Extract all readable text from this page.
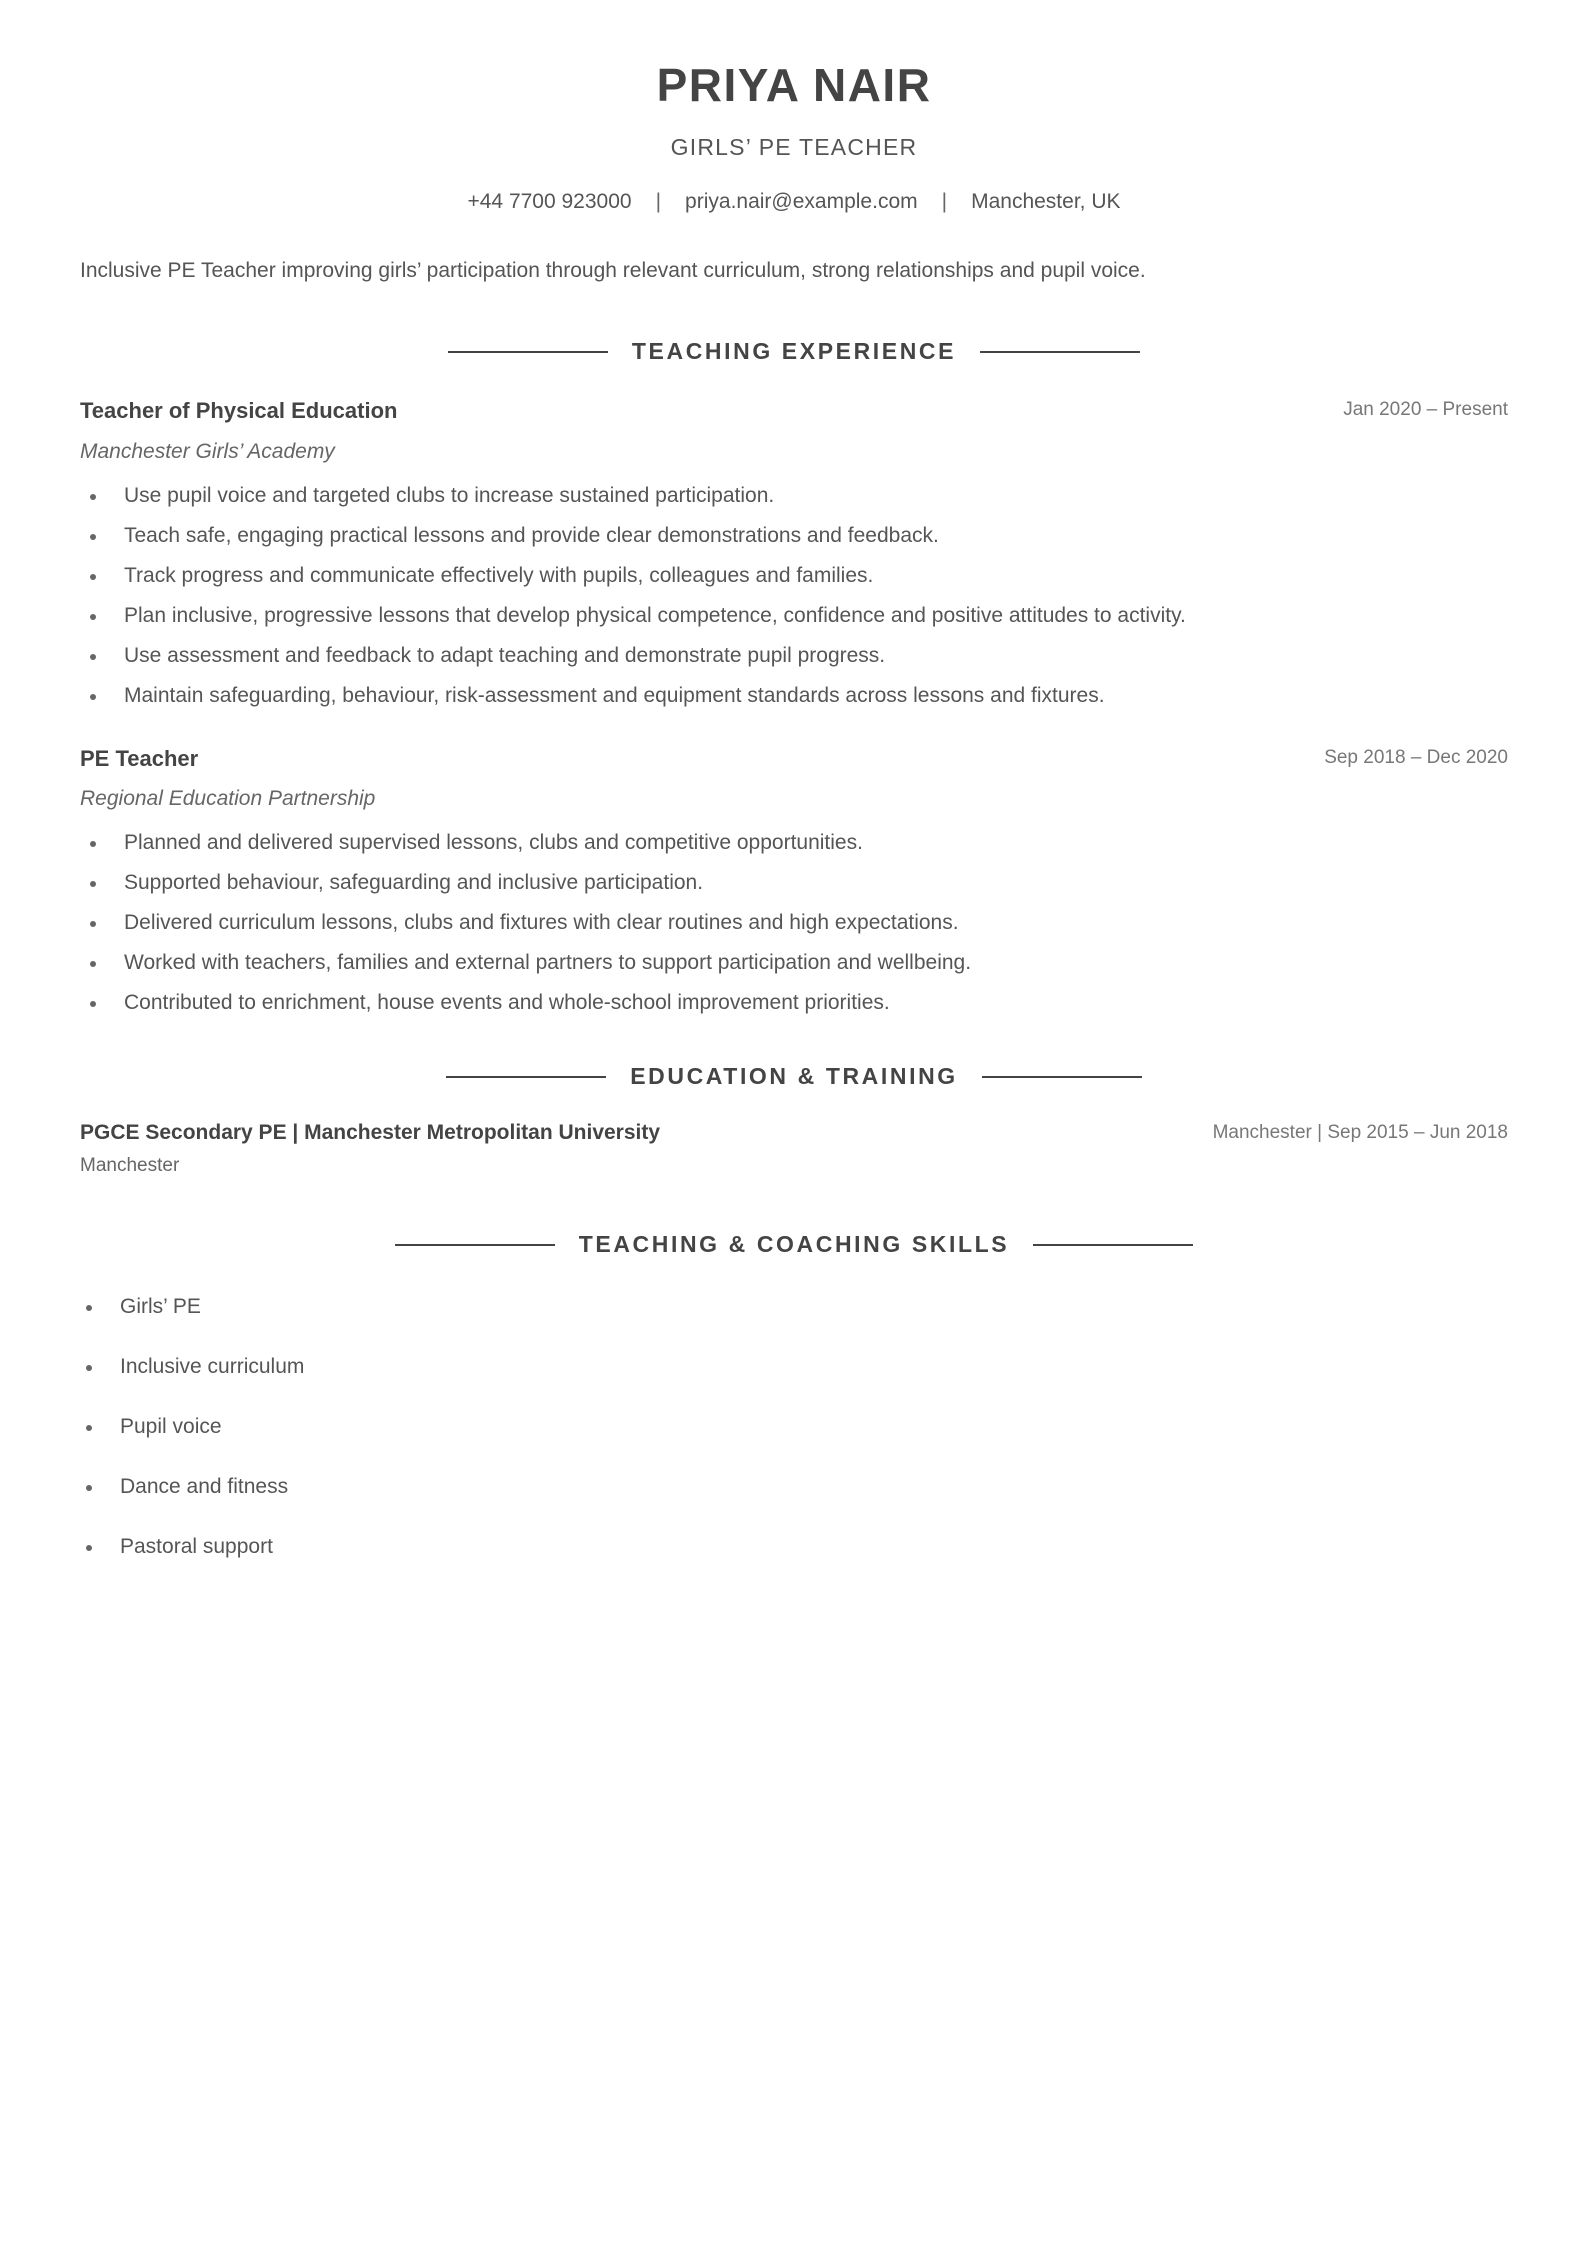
PRIYA NAIR
GIRLS’ PE TEACHER
+44 7700 923000 | priya.nair@example.com | Manchester, UK
Inclusive PE Teacher improving girls’ participation through relevant curriculum, strong relationships and pupil voice.
TEACHING EXPERIENCE
Teacher of Physical Education	Jan 2020 – Present
Manchester Girls’ Academy
Use pupil voice and targeted clubs to increase sustained participation.
Teach safe, engaging practical lessons and provide clear demonstrations and feedback.
Track progress and communicate effectively with pupils, colleagues and families.
Plan inclusive, progressive lessons that develop physical competence, confidence and positive attitudes to activity.
Use assessment and feedback to adapt teaching and demonstrate pupil progress.
Maintain safeguarding, behaviour, risk-assessment and equipment standards across lessons and fixtures.
PE Teacher	Sep 2018 – Dec 2020
Regional Education Partnership
Planned and delivered supervised lessons, clubs and competitive opportunities.
Supported behaviour, safeguarding and inclusive participation.
Delivered curriculum lessons, clubs and fixtures with clear routines and high expectations.
Worked with teachers, families and external partners to support participation and wellbeing.
Contributed to enrichment, house events and whole-school improvement priorities.
EDUCATION & TRAINING
PGCE Secondary PE | Manchester Metropolitan University	Manchester | Sep 2015 – Jun 2018
Manchester
TEACHING & COACHING SKILLS
Girls’ PE
Inclusive curriculum
Pupil voice
Dance and fitness
Pastoral support
